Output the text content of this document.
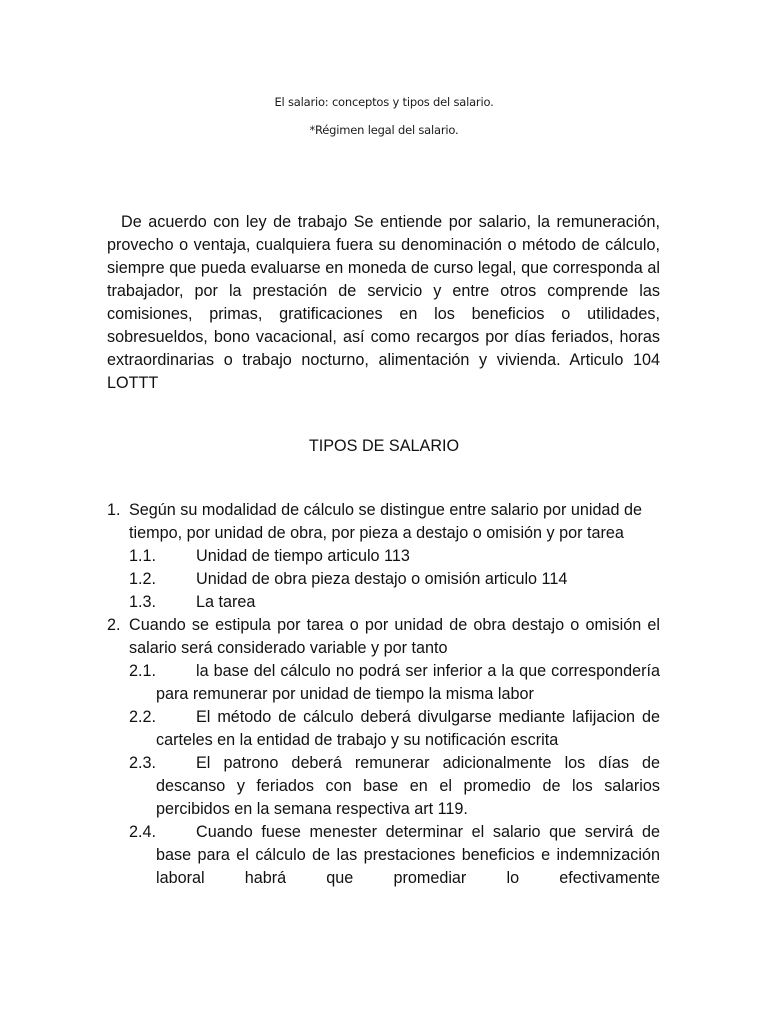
El salario: conceptos y tipos del salario.
*Régimen legal del salario.

De acuerdo con ley de trabajo Se entiende por salario, la remuneración, provecho o ventaja, cualquiera fuera su denominación o método de cálculo, siempre que pueda evaluarse en moneda de curso legal, que corresponda al trabajador, por la prestación de servicio y entre otros comprende las comisiones, primas, gratificaciones en los beneficios o utilidades, sobresueldos, bono vacacional, así como recargos por días feriados, horas extraordinarias o trabajo nocturno, alimentación y vivienda. Articulo 104 LOTTT

TIPOS DE SALARIO
1. Según su modalidad de cálculo se distingue entre salario por unidad de tiempo, por unidad de obra, por pieza a destajo o omisión y por tarea
1.1.	Unidad de tiempo articulo 113
1.2.	Unidad de obra pieza destajo o omisión articulo 114
1.3.	La tarea
2. Cuando se estipula por tarea o por unidad de obra destajo o omisión el salario será considerado variable y por tanto
2.1.	la base del cálculo no podrá ser inferior a la que correspondería para remunerar por unidad de tiempo la misma labor
2.2.	El método de cálculo deberá divulgarse mediante lafijacion de carteles en la entidad de trabajo y su notificación escrita
2.3.	El patrono deberá remunerar adicionalmente los días de descanso y feriados con base en el promedio de los salarios percibidos en la semana respectiva art 119.
2.4.	Cuando fuese menester determinar el salario que servirá de base para el cálculo de las prestaciones beneficios e indemnización laboral habrá que promediar lo efectivamente
